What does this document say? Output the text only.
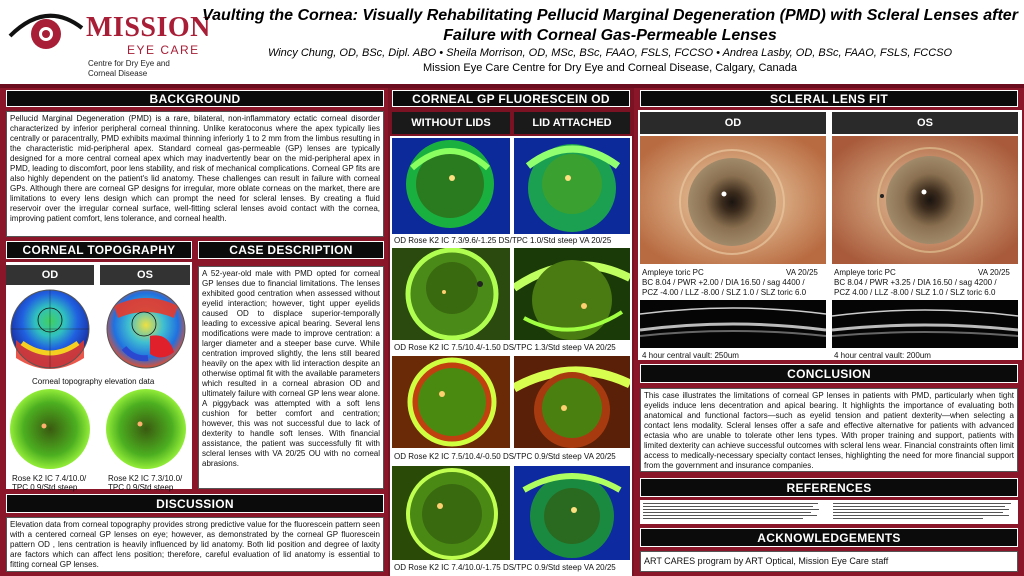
MISSION
EYE CARE
Centre for Dry Eye and Corneal Disease
Vaulting the Cornea: Visually Rehabilitating Pellucid Marginal Degeneration (PMD) with Scleral Lenses after Failure with Corneal Gas-Permeable Lenses
Wincy Chung, OD, BSc, Dipl. ABO • Sheila Morrison, OD, MSc, BSc, FAAO, FSLS, FCCSO • Andrea Lasby, OD, BSc, FAAO, FSLS, FCCSO
Mission Eye Care Centre for Dry Eye and Corneal Disease, Calgary, Canada
BACKGROUND
Pellucid Marginal Degeneration (PMD) is a rare, bilateral, non-inflammatory ectatic corneal disorder characterized by inferior peripheral corneal thinning. Unlike keratoconus where the apex typically lies centrally or paracentrally, PMD exhibits maximal thinning inferiorly 1 to 2 mm from the limbus resulting in the characteristic mid-peripheral apex. Standard corneal gas-permeable (GP) lenses are typically designed for a more central corneal apex which may inadvertently bear on the mid-peripheral apex in PMD, leading to discomfort, poor lens stability, and risk of mechanical complications. Corneal GP fits are also highly dependent on the patient's lid anatomy. These challenges can result in failure with corneal GPs. Although there are corneal GP designs for irregular, more oblate corneas on the market, there are limitations to every lens design which can prompt the need for scleral lenses. By creating a fluid reservoir over the irregular corneal surface, well-fitting scleral lenses avoid contact with the cornea, improving patient comfort, lens tolerance, and corneal health.
CORNEAL TOPOGRAPHY
OD	OS
Corneal topography elevation data
Rose K2 IC 7.4/10.0/ TPC 0.9/Std steep
Rose K2 IC 7.3/10.0/ TPC 0.9/Std steep
CASE DESCRIPTION
A 52-year-old male with PMD opted for corneal GP lenses due to financial limitations. The lenses exhibited good centration when assessed without eyelid interaction; however, tight upper eyelids caused OD to displace superior-temporally leading to excessive apical bearing. Several lens modifications were made to improve centration: a larger diameter and a steeper base curve. While centration improved slightly, the lens still beared heavily on the apex with lid interaction despite an otherwise optimal fit with the available parameters which resulted in a corneal abrasion OD and ultimately failure with corneal GP lens wear alone. A piggyback was attempted with a soft lens cushion for better comfort and centration; however, this was not successful due to lack of dexterity to handle soft lenses. With financial assistance, the patient was successfully fit with scleral lenses with VA 20/25 OU with no corneal abrasions.
DISCUSSION
Elevation data from corneal topography provides strong predictive value for the fluorescein pattern seen with a centered corneal GP lenses on eye; however, as demonstrated by the corneal GP fluorescein pattern OD , lens centration is heavily influenced by lid anatomy. Both lid position and degree of laxity are factors which can affect lens position; therefore, careful evaluation of lid anatomy is essential to fitting corneal GP lenses.
CORNEAL GP FLUORESCEIN OD
WITHOUT LIDS	LID ATTACHED
OD Rose K2 IC 7.3/9.6/-1.25 DS/TPC 1.0/Std steep VA 20/25
OD Rose K2 IC 7.5/10.4/-1.50 DS/TPC 1.3/Std steep VA 20/25
OD Rose K2 IC 7.5/10.4/-0.50 DS/TPC 0.9/Std steep VA 20/25
OD Rose K2 IC 7.4/10.0/-1.75 DS/TPC 0.9/Std steep VA 20/25
SCLERAL LENS FIT
OD	OS
Ampleye toric PC	VA 20/25
BC 8.04 / PWR +2.00 / DIA 16.50 / sag 4400 /
PCZ -4.00 / LLZ -8.00 / SLZ 1.0 / SLZ toric 6.0
Ampleye toric PC	VA 20/25
BC 8.04 / PWR +3.25 / DIA 16.50 / sag 4200 /
PCZ 4.00 / LLZ -8.00 / SLZ 1.0 / SLZ toric 6.0
4 hour central vault: 250um	4 hour central vault: 200um
CONCLUSION
This case illustrates the limitations of corneal GP lenses in patients with PMD, particularly when tight eyelids induce lens decentration and apical bearing. It highlights the importance of evaluating both anatomical and functional factors—such as eyelid tension and patient dexterity—when selecting a contact lens modality. Scleral lenses offer a safe and effective alternative for patients with advanced ectasia who are unable to tolerate other lens types. With proper training and support, patients with limited dexterity can achieve successful outcomes with scleral lens wear. Financial constraints often limit access to medically-necessary specialty contact lenses, highlighting the need for more financial support from the government and insurance companies.
REFERENCES
ACKNOWLEDGEMENTS
ART CARES program by ART Optical, Mission Eye Care staff
